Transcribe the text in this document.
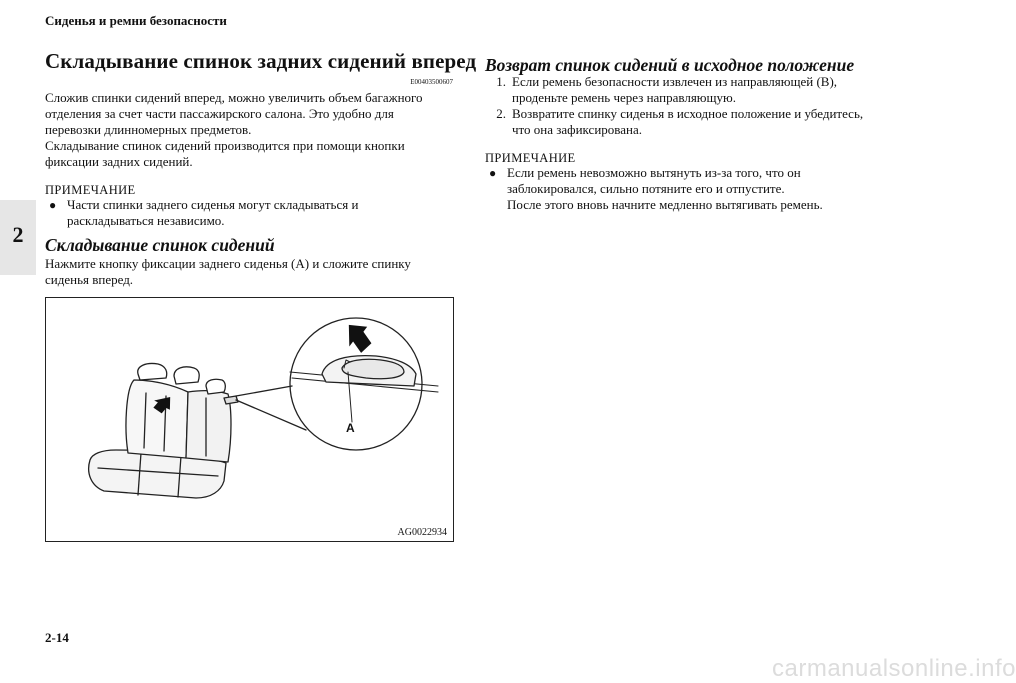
Сиденья и ремни безопасности
2
Складывание спинок задних сидений вперед
E00403500607
Сложив спинки сидений вперед, можно увеличить объем багажного
отделения за счет части пассажирского салона. Это удобно для
перевозки длинномерных предметов.
Складывание спинок сидений производится при помощи кнопки
фиксации задних сидений.
ПРИМЕЧАНИЕ
● Части спинки заднего сиденья могут складываться и
раскладываться независимо.
Складывание спинок сидений
Нажмите кнопку фиксации заднего сиденья (A) и сложите спинку
сиденья вперед.
A
AG0022934
Возврат спинок сидений в исходное положение
1. Если ремень безопасности извлечен из направляющей (B),
проденьте ремень через направляющую.
2. Возвратите спинку сиденья в исходное положение и убедитесь,
что она зафиксирована.
ПРИМЕЧАНИЕ
● Если ремень невозможно вытянуть из-за того, что он
заблокировался, сильно потяните его и отпустите.
После этого вновь начните медленно вытягивать ремень.
2-14
carmanualsonline.info
